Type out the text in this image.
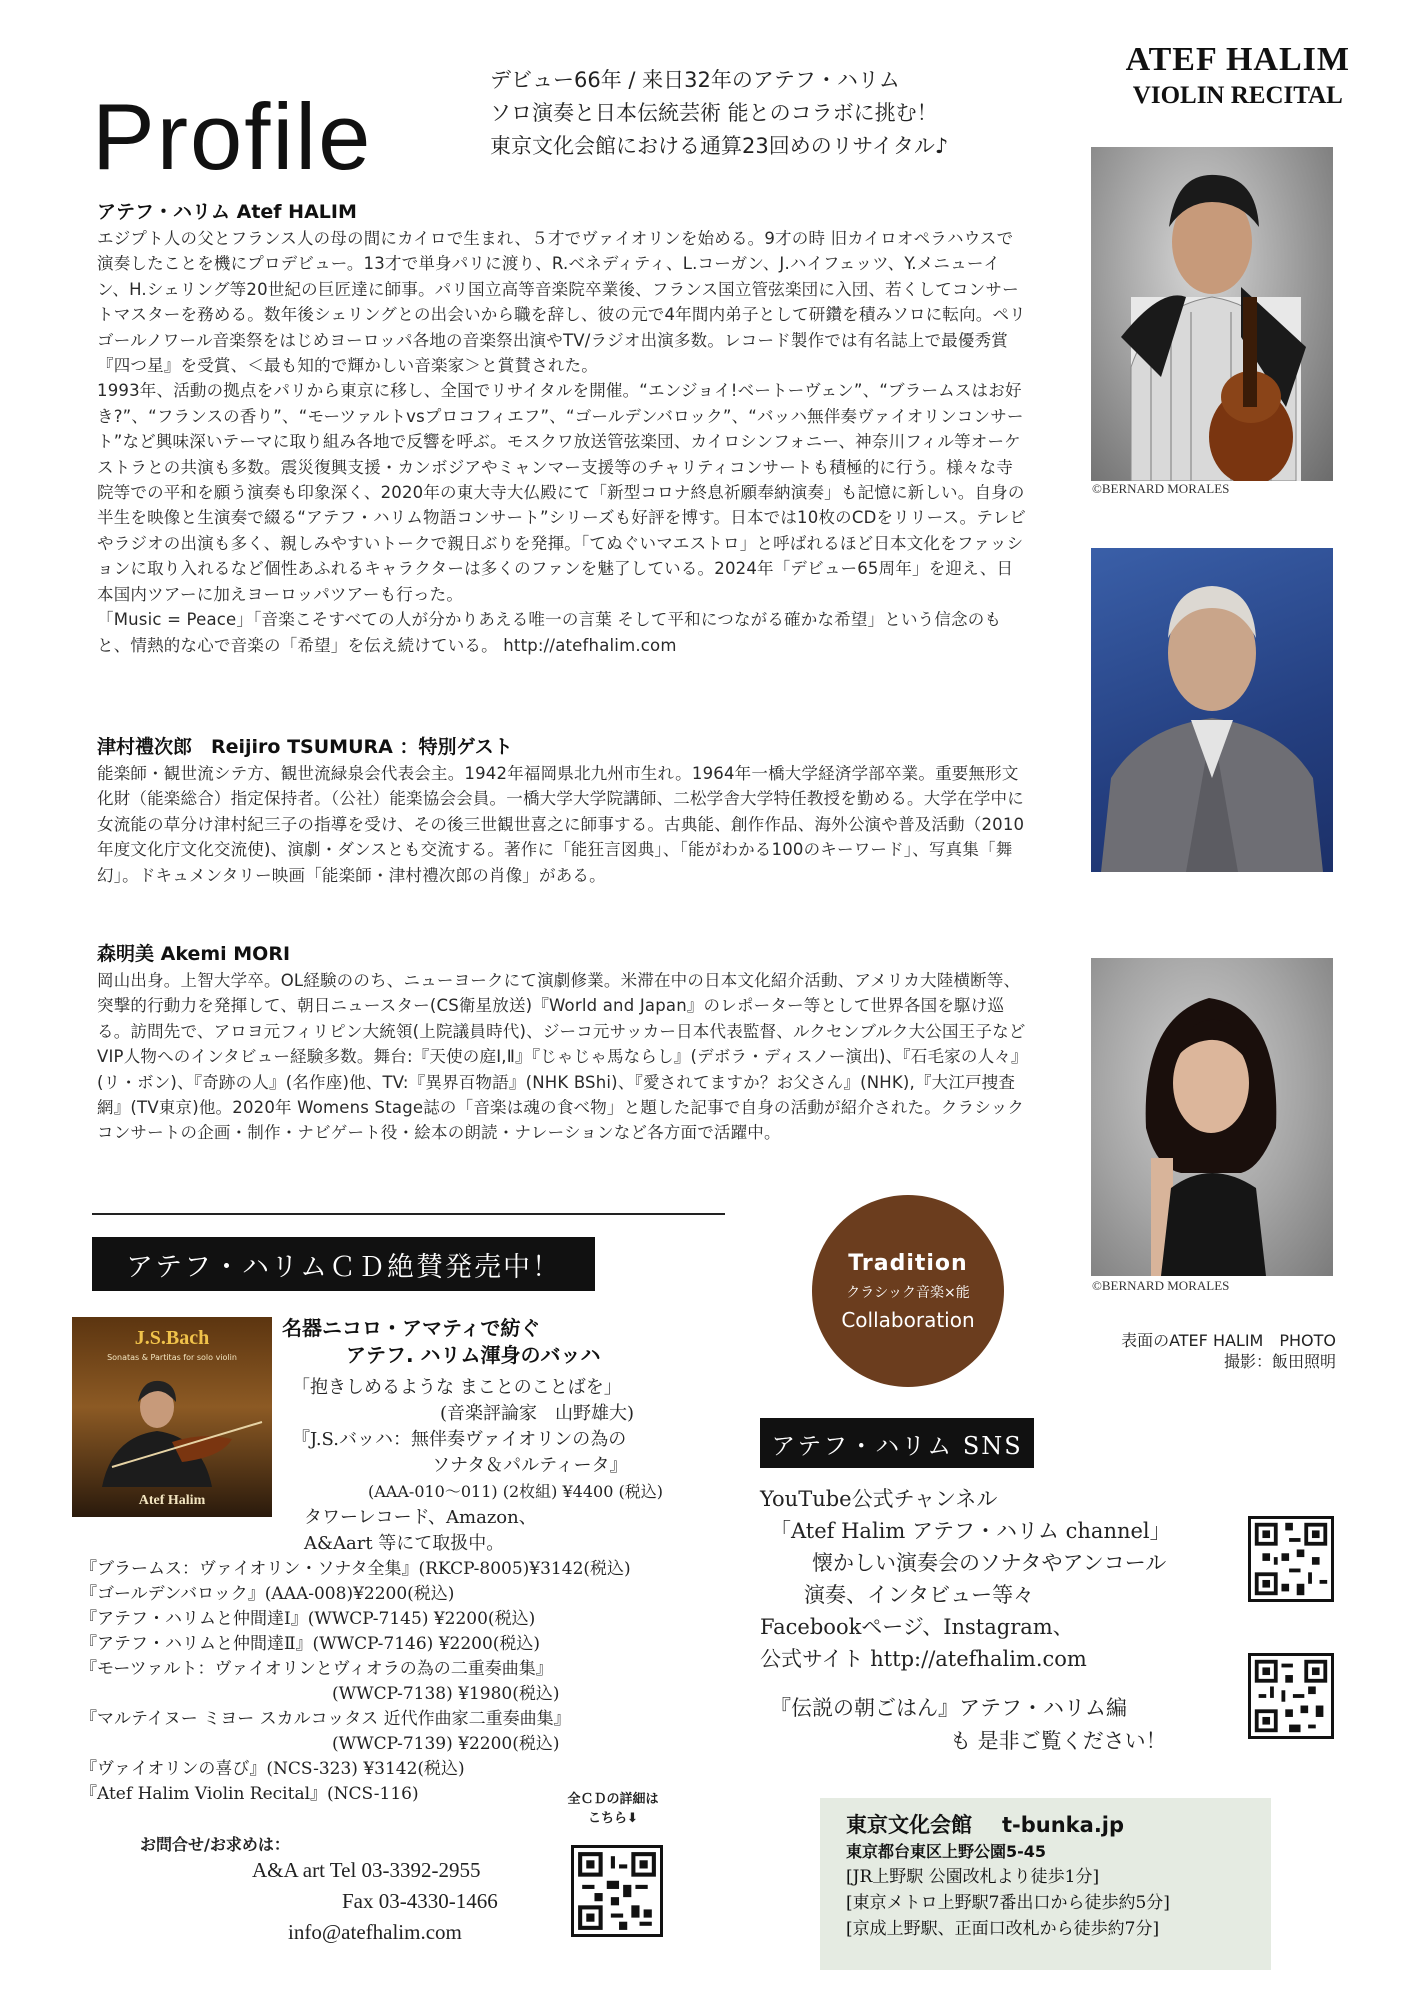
Profile
デビュー66年 / 来日32年のアテフ・ハリム
ソロ演奏と日本伝統芸術 能とのコラボに挑む！
東京文化会館における通算23回めのリサイタル♪
ATEF HALIM
VIOLIN RECITAL
アテフ・ハリム Atef HALIM
エジプト人の父とフランス人の母の間にカイロで生まれ、５才でヴァイオリンを始める。9才の時 旧カイロオペラハウスで演奏したことを機にプロデビュー。13才で単身パリに渡り、R.ベネディティ、L.コーガン、J.ハイフェッツ、Y.メニューイン、H.シェリング等20世紀の巨匠達に師事。パリ国立高等音楽院卒業後、フランス国立管弦楽団に入団、若くしてコンサートマスターを務める。数年後シェリングとの出会いから職を辞し、彼の元で4年間内弟子として研鑽を積みソロに転向。ペリゴールノワール音楽祭をはじめヨーロッパ各地の音楽祭出演やTV/ラジオ出演多数。レコード製作では有名誌上で最優秀賞『四つ星』を受賞、＜最も知的で輝かしい音楽家＞と賞賛された。
1993年、活動の拠点をパリから東京に移し、全国でリサイタルを開催。“エンジョイ!ベートーヴェン”、“ブラームスはお好き?”、“フランスの香り”、“モーツァルトvsプロコフィエフ”、“ゴールデンバロック”、“バッハ無伴奏ヴァイオリンコンサート”など興味深いテーマに取り組み各地で反響を呼ぶ。モスクワ放送管弦楽団、カイロシンフォニー、神奈川フィル等オーケストラとの共演も多数。震災復興支援・カンボジアやミャンマー支援等のチャリティコンサートも積極的に行う。様々な寺院等での平和を願う演奏も印象深く、2020年の東大寺大仏殿にて「新型コロナ終息祈願奉納演奏」も記憶に新しい。自身の半生を映像と生演奏で綴る“アテフ・ハリム物語コンサート”シリーズも好評を博す。日本では10枚のCDをリリース。テレビやラジオの出演も多く、親しみやすいトークで親日ぶりを発揮。「てぬぐいマエストロ」と呼ばれるほど日本文化をファッションに取り入れるなど個性あふれるキャラクターは多くのファンを魅了している。2024年「デビュー65周年」を迎え、日本国内ツアーに加えヨーロッパツアーも行った。
「Music = Peace」「音楽こそすべての人が分かりあえる唯一の言葉 そして平和につながる確かな希望」という信念のもと、情熱的な心で音楽の「希望」を伝え続けている。 http://atefhalim.com
津村禮次郎　Reijiro TSUMURA ：特別ゲスト
能楽師・観世流シテ方、観世流緑泉会代表会主。1942年福岡県北九州市生れ。1964年一橋大学経済学部卒業。重要無形文化財（能楽総合）指定保持者。（公社）能楽協会会員。一橋大学大学院講師、二松学舎大学特任教授を勤める。大学在学中に女流能の草分け津村紀三子の指導を受け、その後三世観世喜之に師事する。古典能、創作作品、海外公演や普及活動（2010年度文化庁文化交流使)、演劇・ダンスとも交流する。著作に「能狂言図典」、「能がわかる100のキーワード」、写真集「舞幻」。ドキュメンタリー映画「能楽師・津村禮次郎の肖像」がある。
森明美 Akemi MORI
岡山出身。上智大学卒。OL経験ののち、ニューヨークにて演劇修業。米滞在中の日本文化紹介活動、アメリカ大陸横断等、突撃的行動力を発揮して、朝日ニュースター(CS衛星放送)『World and Japan』のレポーター等として世界各国を駆け巡る。訪問先で、アロヨ元フィリピン大統領(上院議員時代)、ジーコ元サッカー日本代表監督、ルクセンブルク大公国王子などVIP人物へのインタビュー経験多数。舞台:『天使の庭Ⅰ,Ⅱ』『じゃじゃ馬ならし』(デボラ・ディスノー演出)、『石毛家の人々』(リ・ボン)、『奇跡の人』(名作座)他、TV:『異界百物語』(NHK BShi)、『愛されてますか？お父さん』(NHK),『大江戸捜査網』(TV東京)他。2020年 Womens Stage誌の「音楽は魂の食べ物」と題した記事で自身の活動が紹介された。クラシックコンサートの企画・制作・ナビゲート役・絵本の朗読・ナレーションなど各方面で活躍中。
©BERNARD MORALES
©BERNARD MORALES
アテフ・ハリムＣＤ絶賛発売中！	Tradition
クラシック音楽×能
Collaboration
表面のATEF HALIM　PHOTO
撮影：飯田照明
J.S.Bach
Sonatas & Partitas for solo violin
Atef Halim
名器ニコロ・アマティで紡ぐ
アテフ. ハリム渾身のバッハ
「抱きしめるような まことのことばを」
(音楽評論家　山野雄大)
『J.S.バッハ：無伴奏ヴァイオリンの為の
ソナタ＆パルティータ』
(AAA-010～011) (2枚組) ¥4400 (税込)
タワーレコード、Amazon、
A&Aart 等にて取扱中。
『ブラームス：ヴァイオリン・ソナタ全集』(RKCP-8005)¥3142(税込)
『ゴールデンバロック』(AAA-008)¥2200(税込)
『アテフ・ハリムと仲間達Ⅰ』(WWCP-7145) ¥2200(税込)
『アテフ・ハリムと仲間達Ⅱ』(WWCP-7146) ¥2200(税込)
『モーツァルト：ヴァイオリンとヴィオラの為の二重奏曲集』
(WWCP-7138) ¥1980(税込)
『マルテイヌー ミヨー スカルコッタス 近代作曲家二重奏曲集』
(WWCP-7139) ¥2200(税込)
『ヴァイオリンの喜び』(NCS-323) ¥3142(税込)
『Atef Halim Violin Recital』(NCS-116)
お問合せ/お求めは：
A&A art Tel 03-3392-2955
Fax 03-4330-1466
info@atefhalim.com
全ＣＤの詳細は
こちら⬇
アテフ・ハリム SNS
YouTube公式チャンネル
「Atef Halim アテフ・ハリム channel」
懐かしい演奏会のソナタやアンコール
演奏、インタビュー等々
Facebookページ、Instagram、
公式サイト http://atefhalim.com
『伝説の朝ごはん』アテフ・ハリム編
も 是非ご覧ください！
東京文化会館 t-bunka.jp
東京都台東区上野公園5-45
[JR上野駅 公園改札より徒歩1分]
[東京メトロ上野駅7番出口から徒歩約5分]
[京成上野駅、正面口改札から徒歩約7分]
